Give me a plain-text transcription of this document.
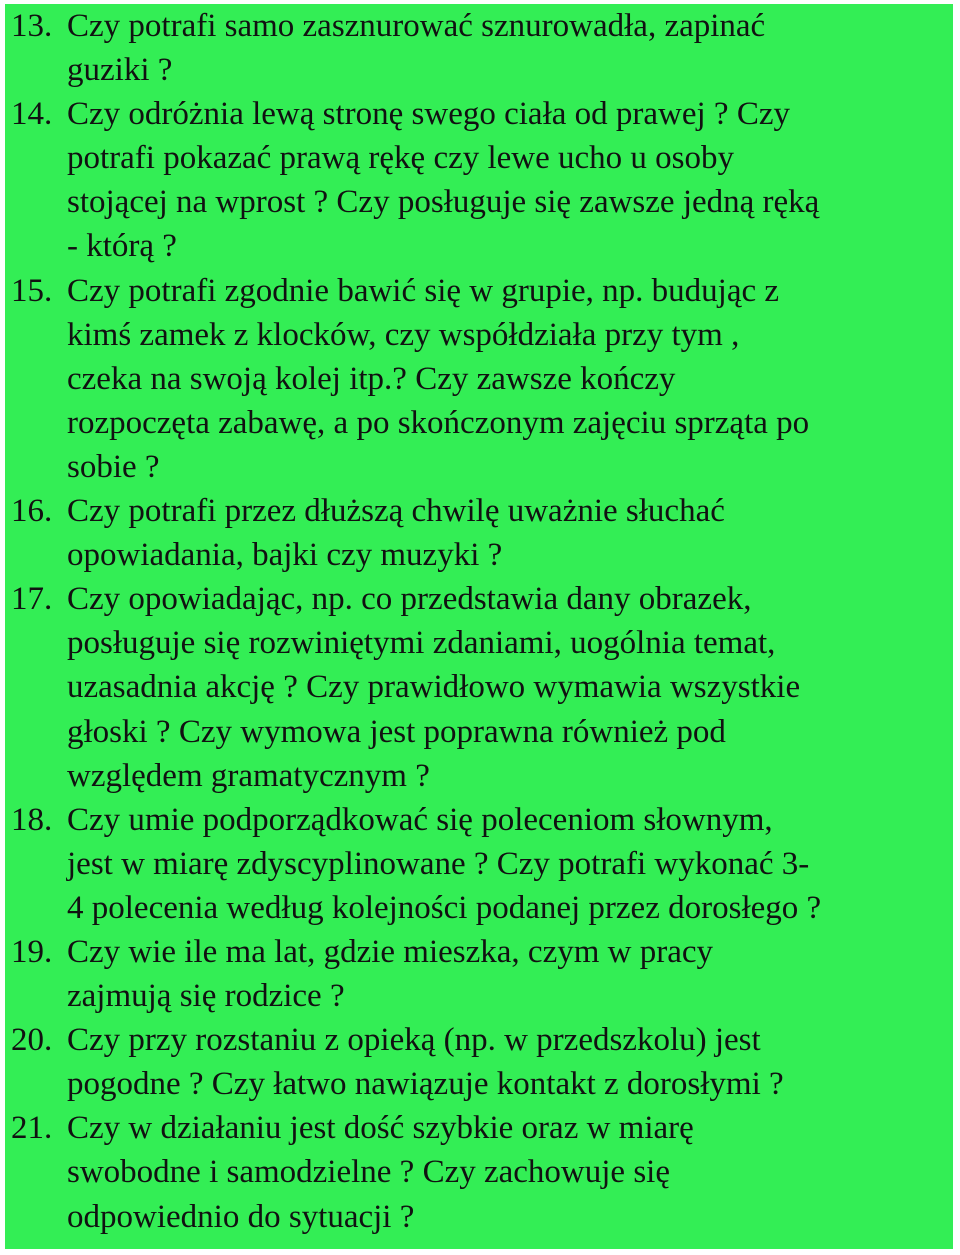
13. Czy potrafi samo zasznurować sznurowadła, zapinać
guziki ?
14. Czy odróżnia lewą stronę swego ciała od prawej ? Czy
potrafi pokazać prawą rękę czy lewe ucho u osoby
stojącej na wprost ? Czy posługuje się zawsze jedną ręką
- którą ?
15. Czy potrafi zgodnie bawić się w grupie, np. budując z
kimś zamek z klocków, czy współdziała przy tym ,
czeka na swoją kolej itp.? Czy zawsze kończy
rozpoczęta zabawę, a po skończonym zajęciu sprząta po
sobie ?
16. Czy potrafi przez dłuższą chwilę uważnie słuchać
opowiadania, bajki czy muzyki ?
17. Czy opowiadając, np. co przedstawia dany obrazek,
posługuje się rozwiniętymi zdaniami, uogólnia temat,
uzasadnia akcję ? Czy prawidłowo wymawia wszystkie
głoski ? Czy wymowa jest poprawna również pod
względem gramatycznym ?
18. Czy umie podporządkować się poleceniom słownym,
jest w miarę zdyscyplinowane ? Czy potrafi wykonać 3-
4 polecenia według kolejności podanej przez dorosłego ?
19. Czy wie ile ma lat, gdzie mieszka, czym w pracy
zajmują się rodzice ?
20. Czy przy rozstaniu z opieką (np. w przedszkolu) jest
pogodne ? Czy łatwo nawiązuje kontakt z dorosłymi ?
21. Czy w działaniu jest dość szybkie oraz w miarę
swobodne i samodzielne ? Czy zachowuje się
odpowiednio do sytuacji ?
